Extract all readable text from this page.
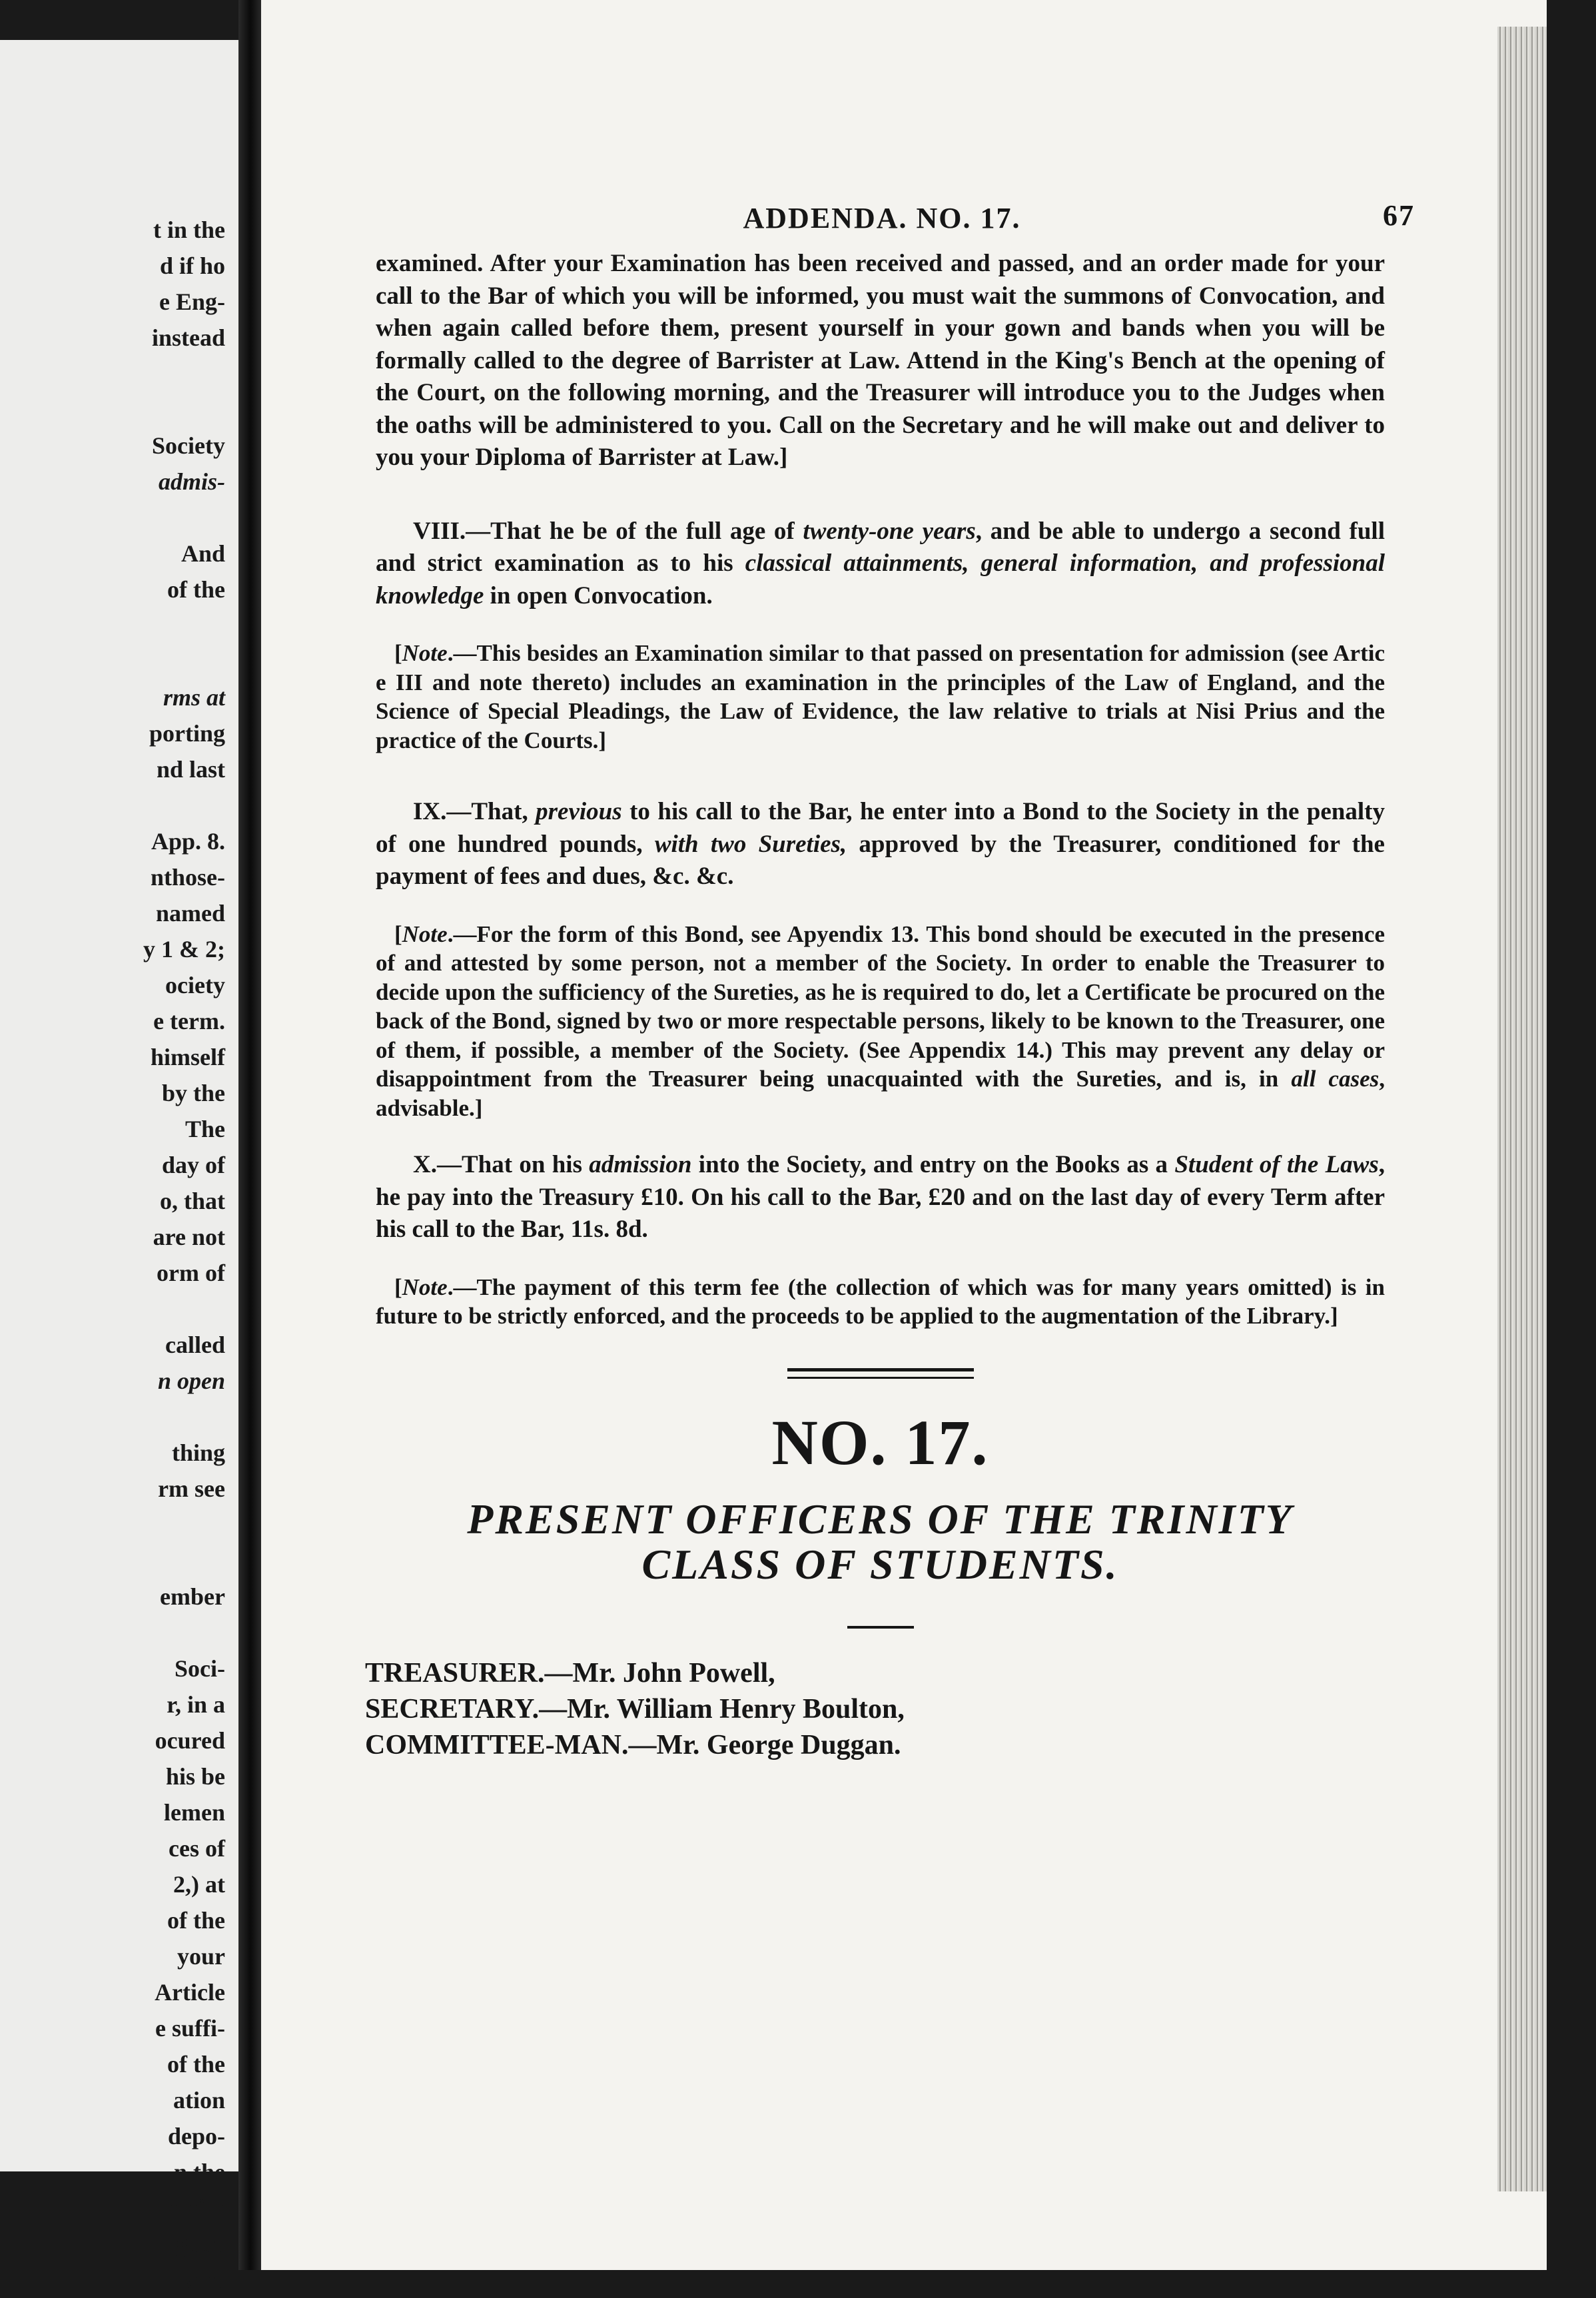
t in the
d if ho
e Eng-
instead
Society
admis-
And
of the
rms at
porting
nd last
App. 8.
nthose-
named
y 1 & 2;
ociety
e term.
himself
by the
The
day of
o, that
are not
orm of
called
n open
thing
rm see
ember
Soci-
r, in a
ocured
his be
lemen
ces of
2,) at
of the
your
Article
e suffi-
of the
ation
depo-
n the
h him
good
and
ADDENDA. NO. 17.	67

examined. After your Examination has been received and passed, and an order made for your call to the Bar of which you will be informed, you must wait the summons of Convocation, and when again called before them, present yourself in your gown and bands when you will be formally called to the degree of Barrister at Law. Attend in the King's Bench at the opening of the Court, on the following morning, and the Treasurer will introduce you to the Judges when the oaths will be administered to you. Call on the Secretary and he will make out and deliver to you your Diploma of Barrister at Law.]

VIII.—That he be of the full age of twenty-one years, and be able to undergo a second full and strict examination as to his classical attainments, general information, and professional knowledge in open Convocation.

[Note.—This besides an Examination similar to that passed on presentation for admission (see Artic e III and note thereto) includes an examination in the principles of the Law of England, and the Science of Special Pleadings, the Law of Evidence, the law relative to trials at Nisi Prius and the practice of the Courts.]

IX.—That, previous to his call to the Bar, he enter into a Bond to the Society in the penalty of one hundred pounds, with two Sureties, approved by the Treasurer, conditioned for the payment of fees and dues, &c. &c.

[Note.—For the form of this Bond, see Apyendix 13. This bond should be executed in the presence of and attested by some person, not a member of the Society. In order to enable the Treasurer to decide upon the sufficiency of the Sureties, as he is required to do, let a Certificate be procured on the back of the Bond, signed by two or more respectable persons, likely to be known to the Treasurer, one of them, if possible, a member of the Society. (See Appendix 14.) This may prevent any delay or disappointment from the Treasurer being unacquainted with the Sureties, and is, in all cases, advisable.]

X.—That on his admission into the Society, and entry on the Books as a Student of the Laws, he pay into the Treasury £10. On his call to the Bar, £20 and on the last day of every Term after his call to the Bar, 11s. 8d.

[Note.—The payment of this term fee (the collection of which was for many years omitted) is in future to be strictly enforced, and the proceeds to be applied to the augmentation of the Library.]

NO. 17.
PRESENT OFFICERS OF THE TRINITY
CLASS OF STUDENTS.
TREASURER.—Mr. John Powell,
SECRETARY.—Mr. William Henry Boulton,
COMMITTEE-MAN.—Mr. George Duggan.
